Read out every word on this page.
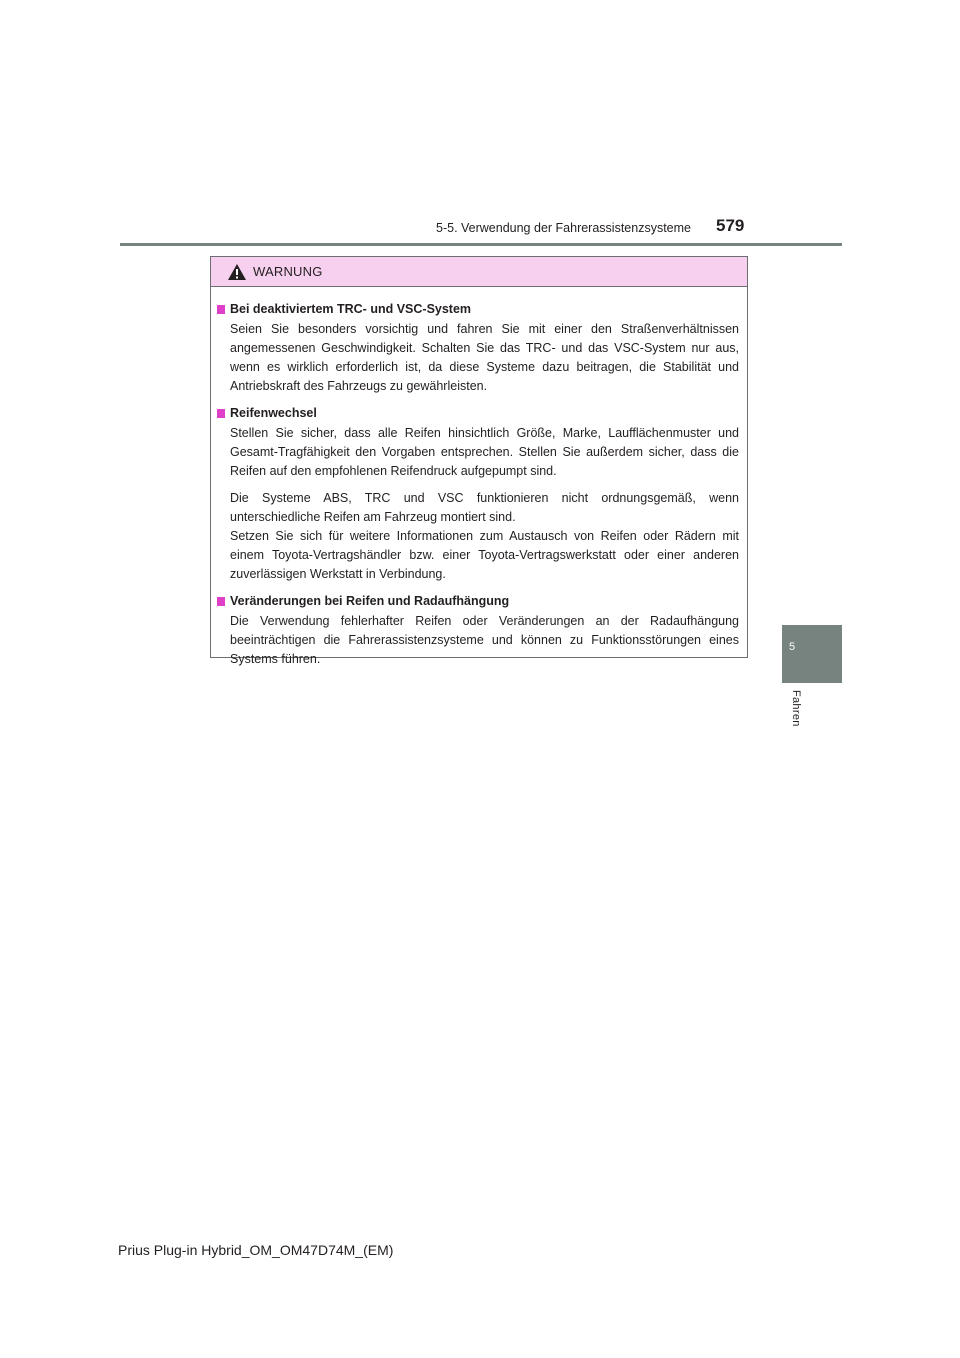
5-5. Verwendung der Fahrerassistenzsysteme 579
5
Fahren
WARNUNG
Bei deaktiviertem TRC- und VSC-System
Seien Sie besonders vorsichtig und fahren Sie mit einer den Straßenverhältnissen angemessenen Geschwindigkeit. Schalten Sie das TRC- und das VSC-System nur aus, wenn es wirklich erforderlich ist, da diese Systeme dazu beitragen, die Stabilität und Antriebskraft des Fahrzeugs zu gewährleisten.
Reifenwechsel
Stellen Sie sicher, dass alle Reifen hinsichtlich Größe, Marke, Laufflächenmuster und Gesamt-Tragfähigkeit den Vorgaben entsprechen. Stellen Sie außerdem sicher, dass die Reifen auf den empfohlenen Reifendruck aufgepumpt sind.
Die Systeme ABS, TRC und VSC funktionieren nicht ordnungsgemäß, wenn unterschiedliche Reifen am Fahrzeug montiert sind.
Setzen Sie sich für weitere Informationen zum Austausch von Reifen oder Rädern mit einem Toyota-Vertragshändler bzw. einer Toyota-Vertragswerkstatt oder einer anderen zuverlässigen Werkstatt in Verbindung.
Veränderungen bei Reifen und Radaufhängung
Die Verwendung fehlerhafter Reifen oder Veränderungen an der Radaufhängung beeinträchtigen die Fahrerassistenzsysteme und können zu Funktionsstörungen eines Systems führen.
Prius Plug-in Hybrid_OM_OM47D74M_(EM)
